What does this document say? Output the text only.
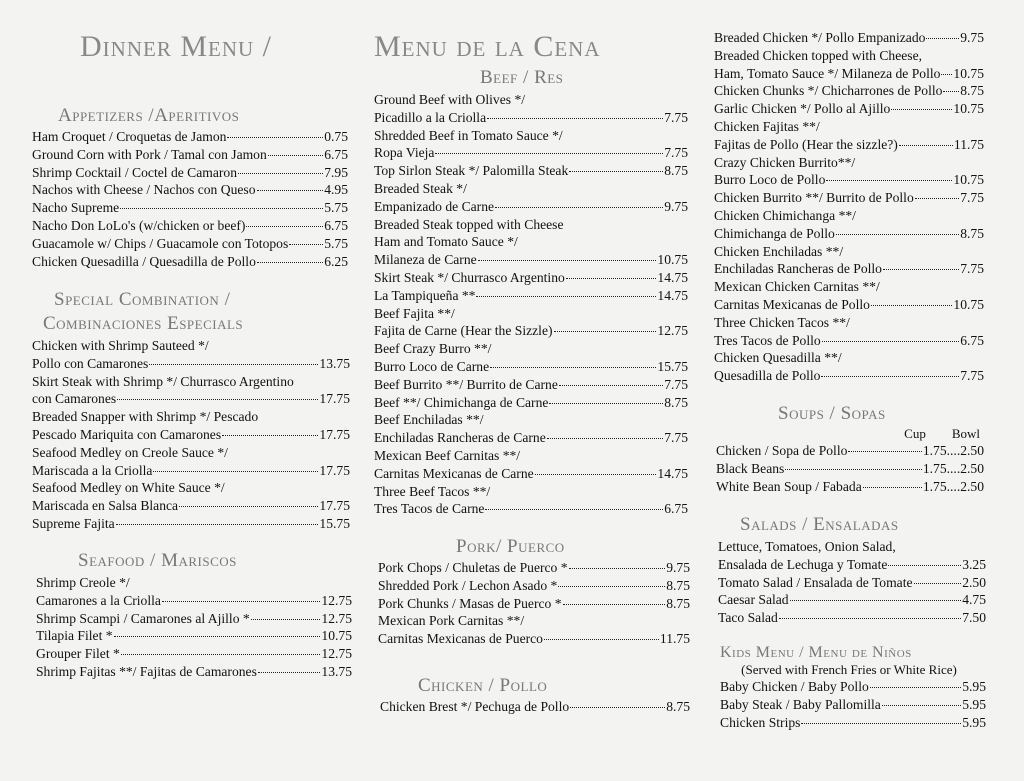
Dinner Menu /	Menu de la Cena
Appetizers /Aperitivos
Ham Croquet / Croquetas de Jamon	0.75
Ground Corn with Pork / Tamal con Jamon	6.75
Shrimp Cocktail / Coctel de Camaron	7.95
Nachos with Cheese / Nachos con Queso	4.95
Nacho Supreme	5.75
Nacho Don LoLo's (w/chicken or beef)	6.75
Guacamole w/ Chips / Guacamole con Totopos	5.75
Chicken Quesadilla / Quesadilla de Pollo	6.25
Special Combination /
Combinaciones Especials
Chicken with Shrimp Sauteed */
Pollo con Camarones	13.75
Skirt Steak with Shrimp */ Churrasco Argentino
con Camarones	17.75
Breaded Snapper with Shrimp */ Pescado
Pescado Mariquita con Camarones	17.75
Seafood Medley on Creole Sauce */
Mariscada a la Criolla	17.75
Seafood Medley on White Sauce */
Mariscada en Salsa Blanca	17.75
Supreme Fajita	15.75
Seafood / Mariscos
Shrimp Creole */
Camarones a la Criolla	12.75
Shrimp Scampi / Camarones al Ajillo *	12.75
Tilapia Filet *	10.75
Grouper Filet *	12.75
Shrimp Fajitas **/ Fajitas de Camarones	13.75
Beef / Res
Ground Beef with Olives */
Picadillo a la Criolla	7.75
Shredded Beef in Tomato Sauce */
Ropa Vieja	7.75
Top Sirlon Steak */ Palomilla Steak	8.75
Breaded Steak */
Empanizado de Carne	9.75
Breaded Steak topped with Cheese
Ham and Tomato Sauce */
Milaneza de Carne	10.75
Skirt Steak */ Churrasco Argentino	14.75
La Tampiqueña **	14.75
Beef Fajita **/
Fajita de Carne (Hear the Sizzle)	12.75
Beef Crazy Burro **/
Burro Loco de Carne	15.75
Beef Burrito **/ Burrito de Carne	7.75
Beef **/ Chimichanga de Carne	8.75
Beef Enchiladas **/
Enchiladas Rancheras de Carne	7.75
Mexican Beef Carnitas **/
Carnitas Mexicanas de Carne	14.75
Three Beef Tacos **/
Tres Tacos de Carne	6.75
Pork/ Puerco
Pork Chops / Chuletas de Puerco *	9.75
Shredded Pork / Lechon Asado *	8.75
Pork Chunks / Masas de Puerco *	8.75
Mexican Pork Carnitas **/
Carnitas Mexicanas de Puerco	11.75
Chicken / Pollo
Chicken Brest */ Pechuga de Pollo	8.75
Breaded Chicken */ Pollo Empanizado	9.75
Breaded Chicken topped with Cheese,
Ham, Tomato Sauce */ Milaneza de Pollo 10.75
Chicken Chunks */ Chicharrones de Pollo 8.75
Garlic Chicken */ Pollo al Ajillo	10.75
Chicken Fajitas **/
Fajitas de Pollo (Hear the sizzle?)	11.75
Crazy Chicken Burrito**/
Burro Loco de Pollo	10.75
Chicken Burrito **/ Burrito de Pollo	7.75
Chicken Chimichanga **/
Chimichanga de Pollo	8.75
Chicken Enchiladas **/
Enchiladas Rancheras de Pollo	7.75
Mexican Chicken Carnitas **/
Carnitas Mexicanas de Pollo	10.75
Three Chicken Tacos **/
Tres Tacos de Pollo	6.75
Chicken Quesadilla **/
Quesadilla de Pollo	7.75
Soups / Sopas
Cup Bowl
Chicken / Sopa de Pollo	1.75....2.50
Black Beans	1.75....2.50
White Bean Soup / Fabada	1.75....2.50
Salads / Ensaladas
Lettuce, Tomatoes, Onion Salad,
Ensalada de Lechuga y Tomate	3.25
Tomato Salad / Ensalada de Tomate	2.50
Caesar Salad	4.75
Taco Salad	7.50
Kids Menu / Menu de Niños
(Served with French Fries or White Rice)
Baby Chicken / Baby Pollo	5.95
Baby Steak / Baby Pallomilla	5.95
Chicken Strips	5.95
